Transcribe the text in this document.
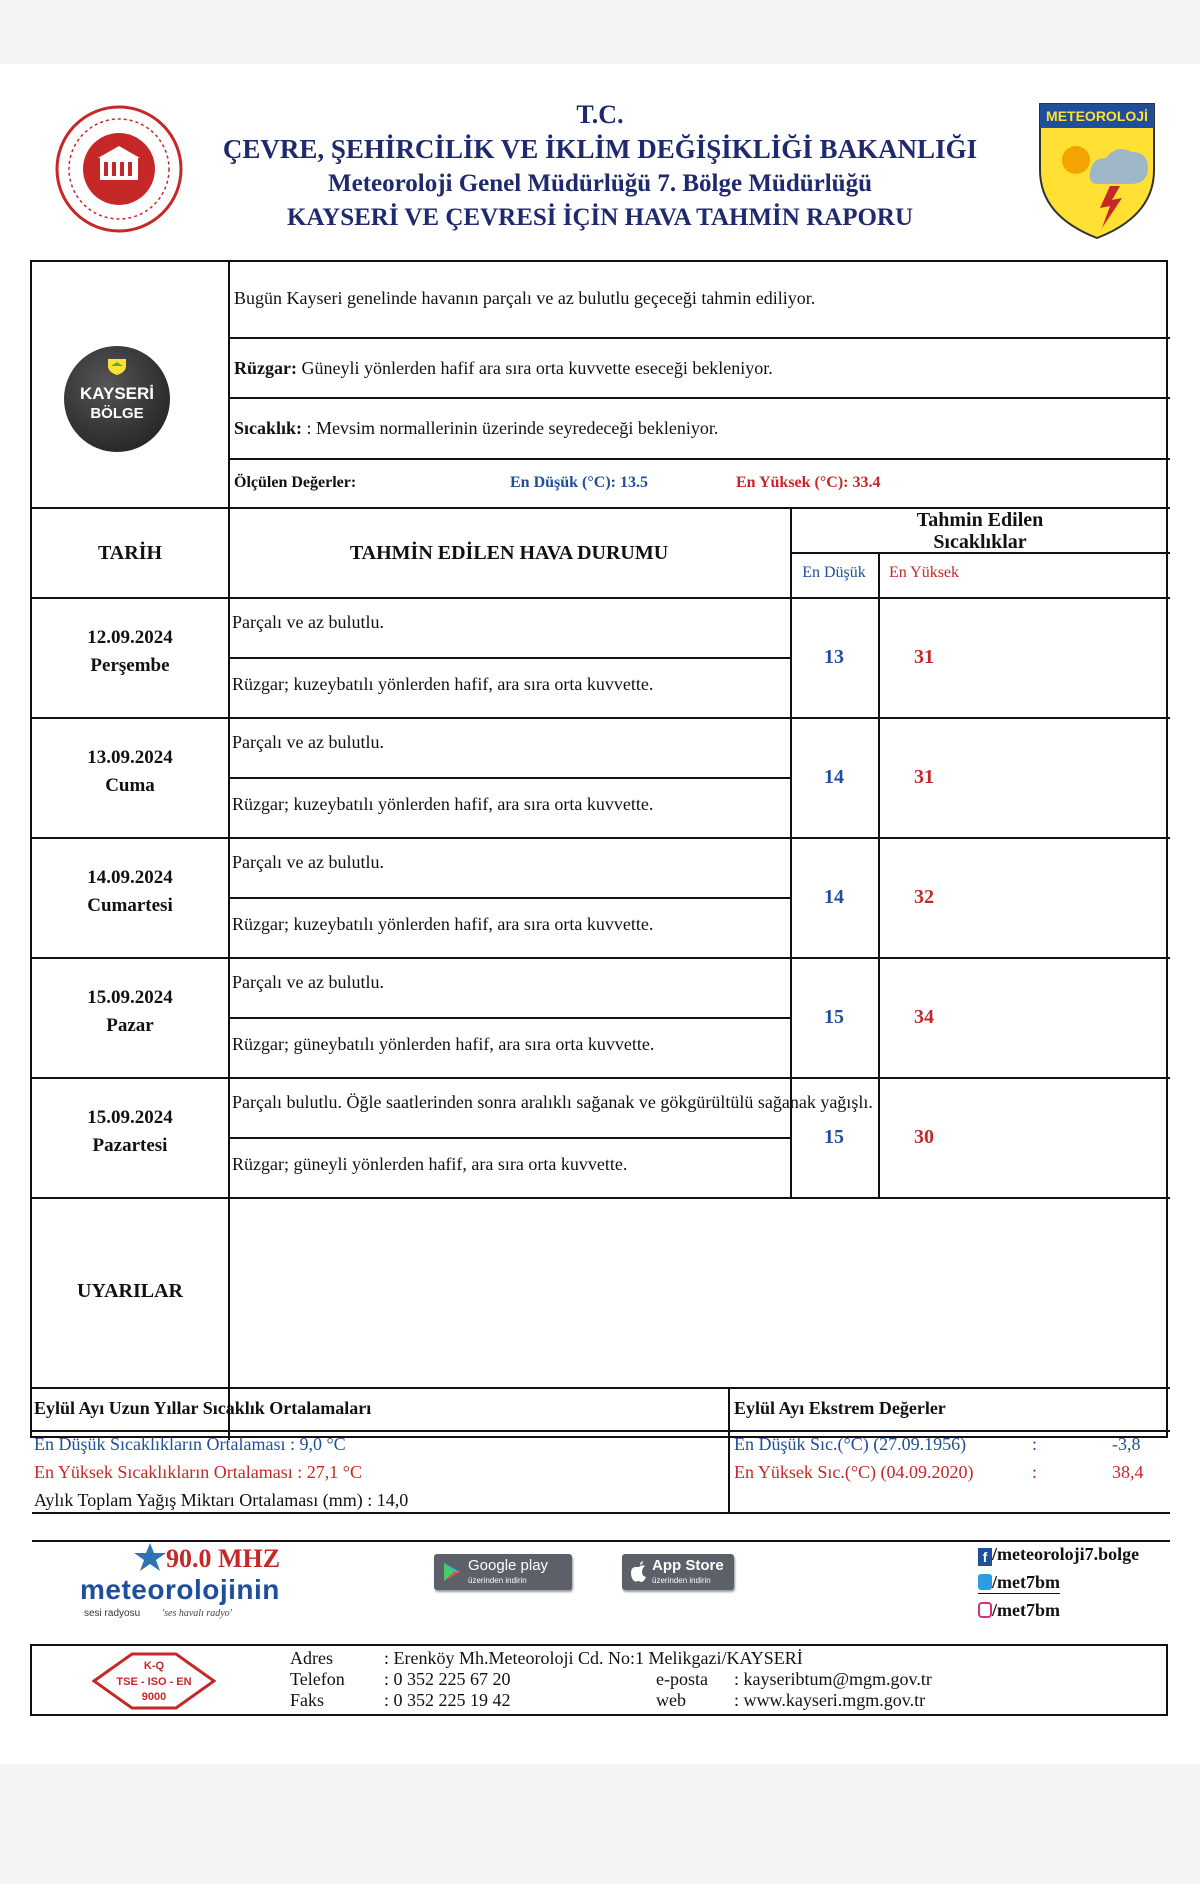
T.C.
ÇEVRE, ŞEHİRCİLİK VE İKLİM DEĞİŞİKLİĞİ BAKANLIĞI
Meteoroloji Genel Müdürlüğü 7. Bölge Müdürlüğü
KAYSERİ VE ÇEVRESİ İÇİN HAVA TAHMİN RAPORU
METEOROLOJİ
KAYSERİ
BÖLGE
Bugün Kayseri genelinde havanın parçalı ve az bulutlu geçeceği tahmin ediliyor.
Rüzgar: Güneyli yönlerden hafif ara sıra orta kuvvette eseceği bekleniyor.
Sıcaklık: : Mevsim normallerinin üzerinde seyredeceği bekleniyor.
Ölçülen Değerler:	En Düşük (°C): 13.5	En Yüksek (°C): 33.4
TARİH	TAHMİN EDİLEN HAVA DURUMU
Tahmin Edilen
Sıcaklıklar
En Düşük	En Yüksek
12.09.2024
Perşembe
Parçalı ve az bulutlu.
Rüzgar; kuzeybatılı yönlerden hafif, ara sıra orta kuvvette.
13	31
13.09.2024
Cuma
Parçalı ve az bulutlu.
Rüzgar; kuzeybatılı yönlerden hafif, ara sıra orta kuvvette.
14	31
14.09.2024
Cumartesi
Parçalı ve az bulutlu.
Rüzgar; kuzeybatılı yönlerden hafif, ara sıra orta kuvvette.
14	32
15.09.2024
Pazar
Parçalı ve az bulutlu.
Rüzgar; güneybatılı yönlerden hafif, ara sıra orta kuvvette.
15	34
15.09.2024
Pazartesi
Parçalı bulutlu. Öğle saatlerinden sonra aralıklı sağanak ve gökgürültülü sağanak yağışlı.
Rüzgar; güneyli yönlerden hafif, ara sıra orta kuvvette.
15	30
UYARILAR
Eylül Ayı Uzun Yıllar Sıcaklık Ortalamaları	Eylül Ayı Ekstrem Değerler
En Düşük Sıcaklıkların Ortalaması : 9,0 °C
En Yüksek Sıcaklıkların Ortalaması : 27,1 °C
Aylık Toplam Yağış Miktarı Ortalaması (mm) : 14,0
En Düşük Sıc.(°C) (27.09.1956)	:	-3,8
En Yüksek Sıc.(°C) (04.09.2020)	:	38,4
90.0 MHZ
meteorolojinin
sesi radyosu 'ses havalı radyo'
Google play
üzerinden indirin
App Store
üzerinden indirin
f /meteoroloji7.bolge
/met7bm
/met7bm
K-Q
TSE - ISO - EN
9000
Adres	: Erenköy Mh.Meteoroloji Cd. No:1 Melikgazi/KAYSERİ
Telefon : 0 352 225 67 20
Faks	: 0 352 225 19 42
e-posta : kayseribtum@mgm.gov.tr
web	: www.kayseri.mgm.gov.tr
